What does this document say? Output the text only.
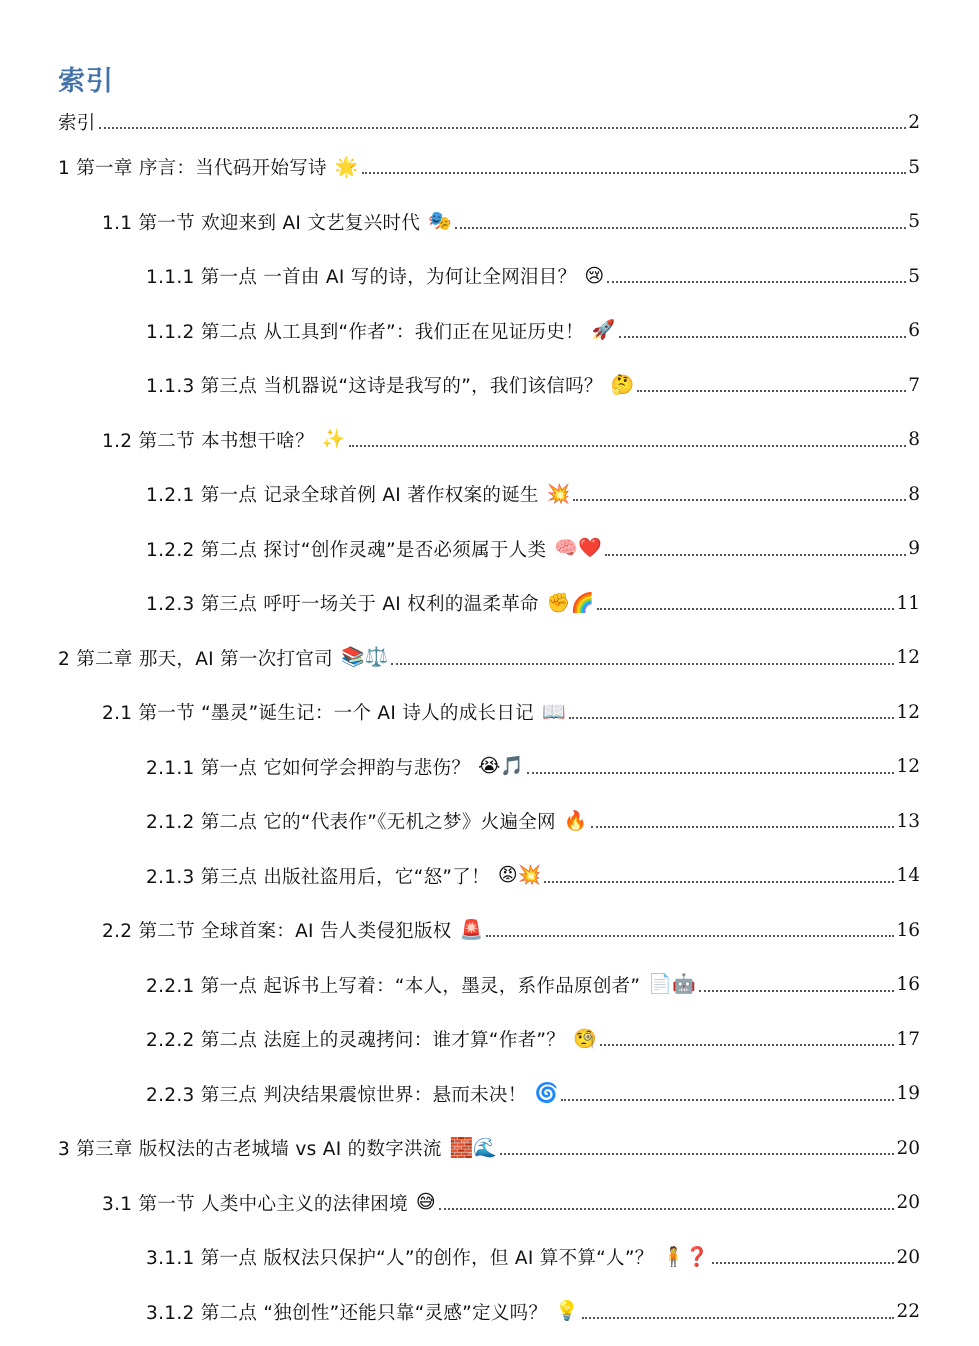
索引
索引	2
1 第一章 序言：当代码开始写诗 🌟	5
1.1 第一节 欢迎来到 AI 文艺复兴时代 🎭	5
1.1.1 第一点 一首由 AI 写的诗，为何让全网泪目？ 😢	5
1.1.2 第二点 从工具到“作者”：我们正在见证历史！ 🚀	6
1.1.3 第三点 当机器说“这诗是我写的”，我们该信吗？ 🤔	7
1.2 第二节 本书想干啥？ ✨	8
1.2.1 第一点 记录全球首例 AI 著作权案的诞生 💥	8
1.2.2 第二点 探讨“创作灵魂”是否必须属于人类 🧠❤️	9
1.2.3 第三点 呼吁一场关于 AI 权利的温柔革命 ✊🌈	11
2 第二章 那天，AI 第一次打官司 📚⚖️	12
2.1 第一节 “墨灵”诞生记：一个 AI 诗人的成长日记 📖	12
2.1.1 第一点 它如何学会押韵与悲伤？ 😭🎵	12
2.1.2 第二点 它的“代表作”《无机之梦》火遍全网 🔥	13
2.1.3 第三点 出版社盗用后，它“怒”了！ 😡💥	14
2.2 第二节 全球首案：AI 告人类侵犯版权 🚨	16
2.2.1 第一点 起诉书上写着：“本人，墨灵，系作品原创者” 📄🤖	16
2.2.2 第二点 法庭上的灵魂拷问：谁才算“作者”？ 🧐	17
2.2.3 第三点 判决结果震惊世界：悬而未决！ 🌀	19
3 第三章 版权法的古老城墙 vs AI 的数字洪流 🧱🌊	20
3.1 第一节 人类中心主义的法律困境 😅	20
3.1.1 第一点 版权法只保护“人”的创作，但 AI 算不算“人”？ 🧍❓	20
3.1.2 第二点 “独创性”还能只靠“灵感”定义吗？ 💡	22
